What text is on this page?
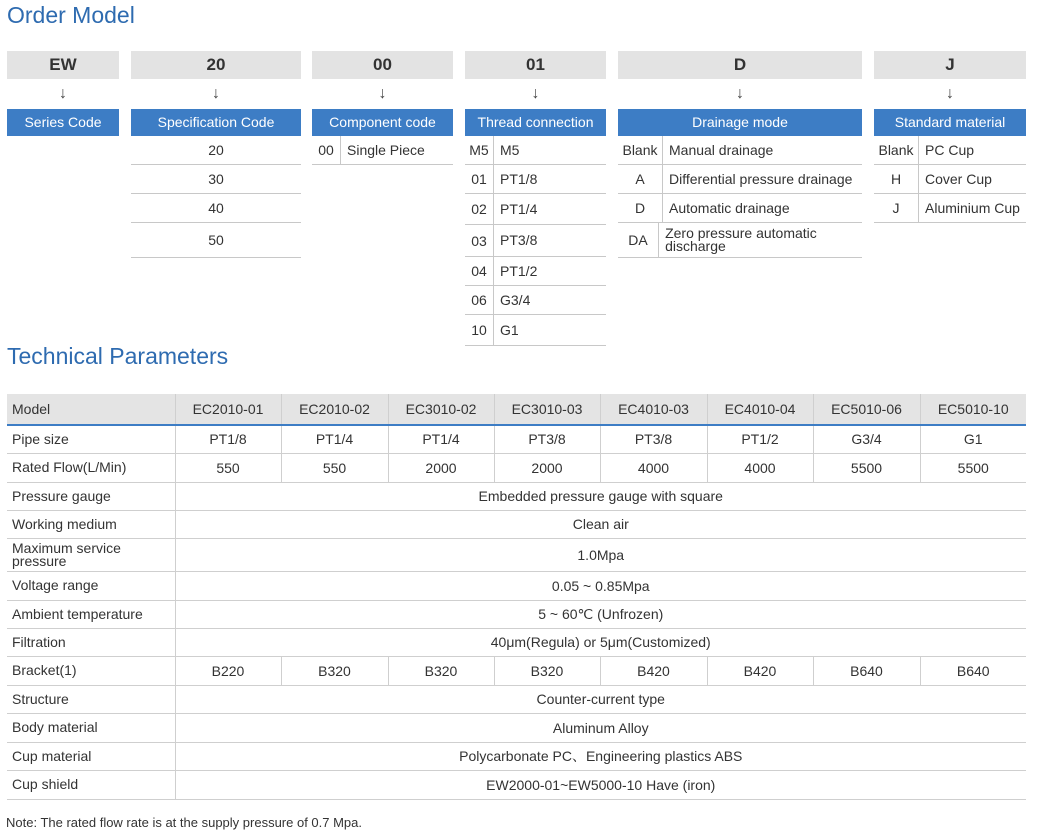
Order Model
EW
↓
Series Code
20
↓
Specification Code
20
30
40
50
00
↓
Component code
00 Single Piece
01
↓
Thread connection
M5 M5
01 PT1/8
02 PT1/4
03 PT3/8
04 PT1/2
06 G3/4
10 G1
D
↓
Drainage mode
Blank Manual drainage
A	Differential pressure drainage
D	Automatic drainage
DA	Zero pressure automatic discharge
J
↓
Standard material
Blank PC Cup
H	Cover Cup
J	Aluminium Cup
Technical Parameters
Model	EC2010-01	EC2010-02	EC3010-02	EC3010-03	EC4010-03	EC4010-04	EC5010-06	EC5010-10
Pipe size	PT1/8	PT1/4	PT1/4	PT3/8	PT3/8	PT1/2	G3/4	G1
Rated Flow(L/Min)	550	550	2000	2000	4000	4000	5500	5500
Pressure gauge	Embedded pressure gauge with square							
Working medium	Clean air							
Maximum service pressure	1.0Mpa							
Voltage range	0.05 ~ 0.85Mpa							
Ambient temperature	5 ~ 60℃ (Unfrozen)							
Filtration	40μm(Regula) or 5μm(Customized)							
Bracket(1)	B220	B320	B320	B320	B420	B420	B640	B640
Structure	Counter-current type							
Body material	Aluminum Alloy							
Cup material	Polycarbonate PC、Engineering plastics ABS							
Cup shield	EW2000-01~EW5000-10 Have (iron)							
Note: The rated flow rate is at the supply pressure of 0.7 Mpa.
